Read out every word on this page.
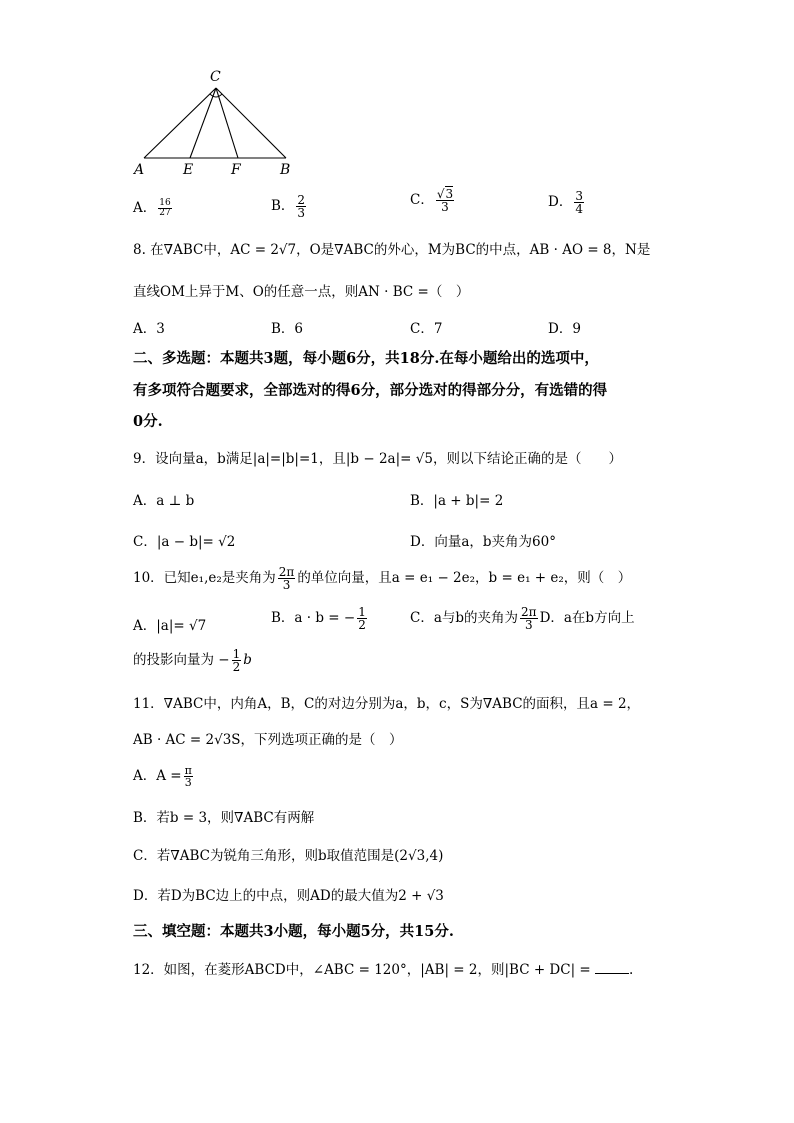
C
A	E	F	B
A． $\frac{16}{27}$	B． $\frac{2}{3}$	C． $\frac{√3}{3}$	D． $\frac{3}{4}$
8. 在∇ABC中，AC = 2√7，O是∇ABC的外心，M为BC的中点，AB · AO = 8，N是
直线OM上异于M、O的任意一点，则AN · BC =（　）
A．3	B．6	C．7	D．9
二、多选题：本题共3题，每小题6分，共18分.在每小题给出的选项中，
有多项符合题要求，全部选对的得6分，部分选对的得部分分，有选错的得
0分.
9．设向量a，b满足|a|=|b|=1，且|b − 2a|= √5，则以下结论正确的是（　　）
A．a ⊥ b	B．|a + b|= 2
C．|a − b|= √2	D．向量a，b夹角为60°
10．已知e₁,e₂是夹角为 $\frac{2\pi}{3}$ 的单位向量，且a = e₁ − 2e₂，b = e₁ + e₂，则（　）
A．|a|= √7	B．a · b = − $\frac{1}{2}$	C．a与b的夹角为 $\frac{2\pi}{3}$ D．a在b方向上
的投影向量为 − $\frac{1}{2}$ b
11．∇ABC中，内角A，B，C的对边分别为a，b，c，S为∇ABC的面积，且a = 2，
AB · AC = 2√3S，下列选项正确的是（　）
A．$A = \frac{\pi}{3}$
B．若b = 3，则∇ABC有两解
C．若∇ABC为锐角三角形，则b取值范围是(2√3,4)
D．若D为BC边上的中点，则AD的最大值为2 + √3
三、填空题：本题共3小题，每小题5分，共15分.
12．如图，在菱形ABCD中，∠ABC = 120°，|AB| = 2，则|BC + DC| =	.
